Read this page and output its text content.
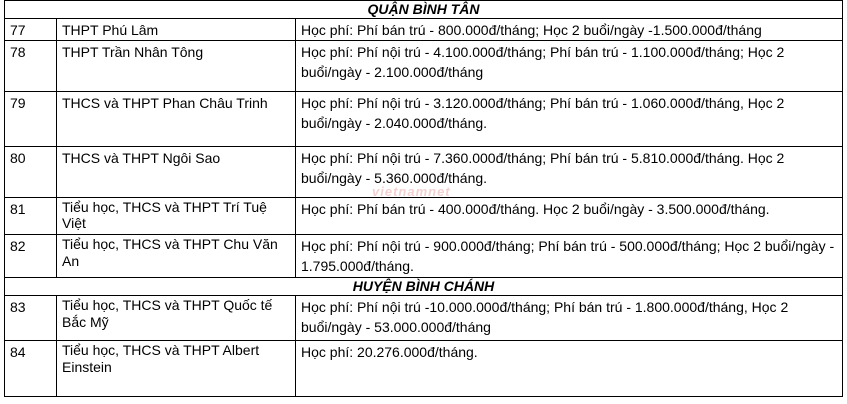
QUẬN BÌNH TÂN		
77	THPT Phú Lâm	Học phí: Phí bán trú - 800.000đ/tháng; Học 2 buổi/ngày -1.500.000đ/tháng
78	THPT Trần Nhân Tông	Học phí: Phí nội trú - 4.100.000đ/tháng; Phí bán trú - 1.100.000đ/tháng; Học 2 buổi/ngày - 2.100.000đ/tháng
79	THCS và THPT Phan Châu Trinh	Học phí: Phí nội trú - 3.120.000đ/tháng; Phí bán trú - 1.060.000đ/tháng, Học 2 buổi/ngày - 2.040.000đ/tháng.
80	THCS và THPT Ngôi Sao	Học phí: Phí nội trú - 7.360.000đ/tháng; Phí bán trú - 5.810.000đ/tháng. Học 2 buổi/ngày - 5.360.000đ/tháng.
81	Tiểu học, THCS và THPT Trí Tuệ Việt	Học phí: Phí bán trú - 400.000đ/tháng. Học 2 buổi/ngày - 3.500.000đ/tháng.
82	Tiểu học, THCS và THPT Chu Văn An	Học phí: Phí nội trú - 900.000đ/tháng; Phí bán trú - 500.000đ/tháng; Học 2 buổi/ngày - 1.795.000đ/tháng.
HUYỆN BÌNH CHÁNH		
83	Tiểu học, THCS và THPT Quốc tế Bắc Mỹ	Học phí: Phí nội trú -10.000.000đ/tháng; Phí bán trú - 1.800.000đ/tháng, Học 2 buổi/ngày - 53.000.000đ/tháng
84	Tiểu học, THCS và THPT Albert Einstein	Học phí: 20.276.000đ/tháng.
vietnamnet
